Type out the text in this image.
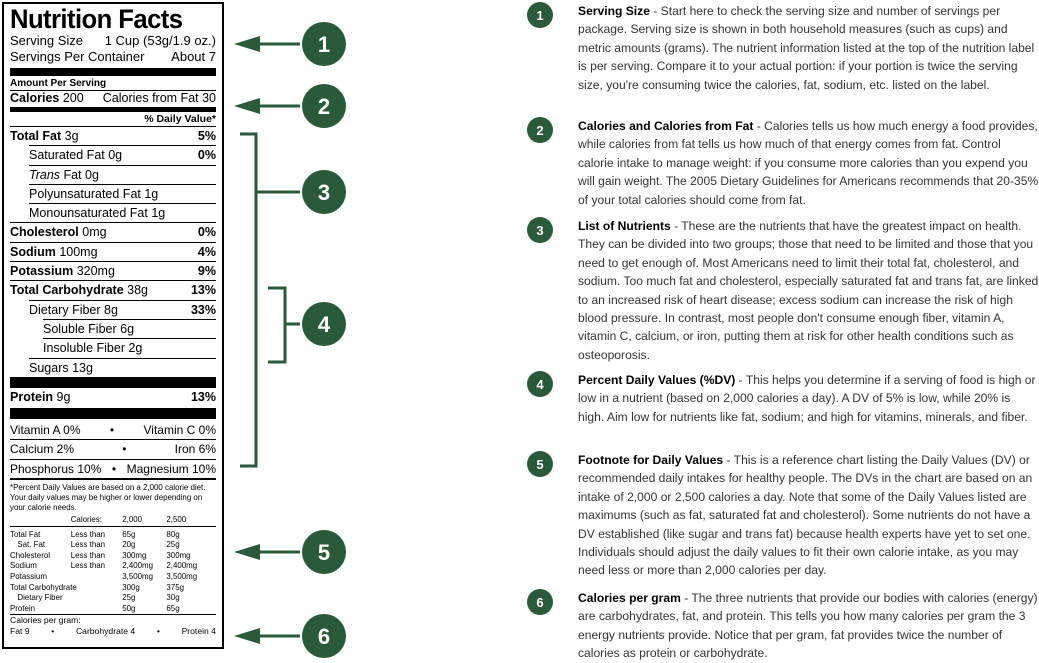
Nutrition Facts
Serving Size 1 Cup (53g/1.9 oz.)
Servings Per Container About 7
Amount Per Serving
Calories 200 Calories from Fat 30
% Daily Value*
Total Fat 3g	5%
Saturated Fat 0g	0%
Trans Fat 0g
Polyunsaturated Fat 1g
Monounsaturated Fat 1g
Cholesterol 0mg	0%
Sodium 100mg	4%
Potassium 320mg	9%
Total Carbohydrate 38g	13%
Dietary Fiber 8g	33%
Soluble Fiber 6g
Insoluble Fiber 2g
Sugars 13g
Protein 9g	13%
Vitamin A 0% • Vitamin C 0%
Calcium 2%	•	Iron 6%
Phosphorus 10% • Magnesium 10%
*Percent Daily Values are based on a 2,000 calorie diet. Your daily values may be higher or lower depending on your calorie needs.
Calories: 2,000	2,500
Total Fat	Less than 65g	80g
Sat. Fat	Less than 20g	25g
Cholesterol Less than 300mg 300mg
Sodium	Less than 2,400mg 2,400mg
Potassium	3,500mg 3,500mg
Total Carbohydrate	300g	375g
Dietary Fiber	25g	30g
Protein	50g	65g
Calories per gram:
Fat 9	•	Carbohydrate 4	•	Protein 4
1
2
3
4
5
6
1	Serving Size - Start here to check the serving size and number of servings per package. Serving size is shown in both household measures (such as cups) and metric amounts (grams). The nutrient information listed at the top of the nutrition label is per serving. Compare it to your actual portion: if your portion is twice the serving size, you're consuming twice the calories, fat, sodium, etc. listed on the label.
2	Calories and Calories from Fat - Calories tells us how much energy a food provides, while calories from fat tells us how much of that energy comes from fat. Control calorie intake to manage weight: if you consume more calories than you expend you will gain weight. The 2005 Dietary Guidelines for Americans recommends that 20-35% of your total calories should come from fat.
3	List of Nutrients - These are the nutrients that have the greatest impact on health. They can be divided into two groups; those that need to be limited and those that you need to get enough of. Most Americans need to limit their total fat, cholesterol, and sodium. Too much fat and cholesterol, especially saturated fat and trans fat, are linked to an increased risk of heart disease; excess sodium can increase the risk of high blood pressure. In contrast, most people don't consume enough fiber, vitamin A, vitamin C, calcium, or iron, putting them at risk for other health conditions such as osteoporosis.
4	Percent Daily Values (%DV) - This helps you determine if a serving of food is high or low in a nutrient (based on 2,000 calories a day). A DV of 5% is low, while 20% is high. Aim low for nutrients like fat, sodium; and high for vitamins, minerals, and fiber.
5	Footnote for Daily Values - This is a reference chart listing the Daily Values (DV) or recommended daily intakes for healthy people. The DVs in the chart are based on an intake of 2,000 or 2,500 calories a day. Note that some of the Daily Values listed are maximums (such as fat, saturated fat and cholesterol). Some nutrients do not have a DV established (like sugar and trans fat) because health experts have yet to set one. Individuals should adjust the daily values to fit their own calorie intake, as you may need less or more than 2,000 calories per day.
6	Calories per gram - The three nutrients that provide our bodies with calories (energy) are carbohydrates, fat, and protein. This tells you how many calories per gram the 3 energy nutrients provide. Notice that per gram, fat provides twice the number of calories as protein or carbohydrate.
